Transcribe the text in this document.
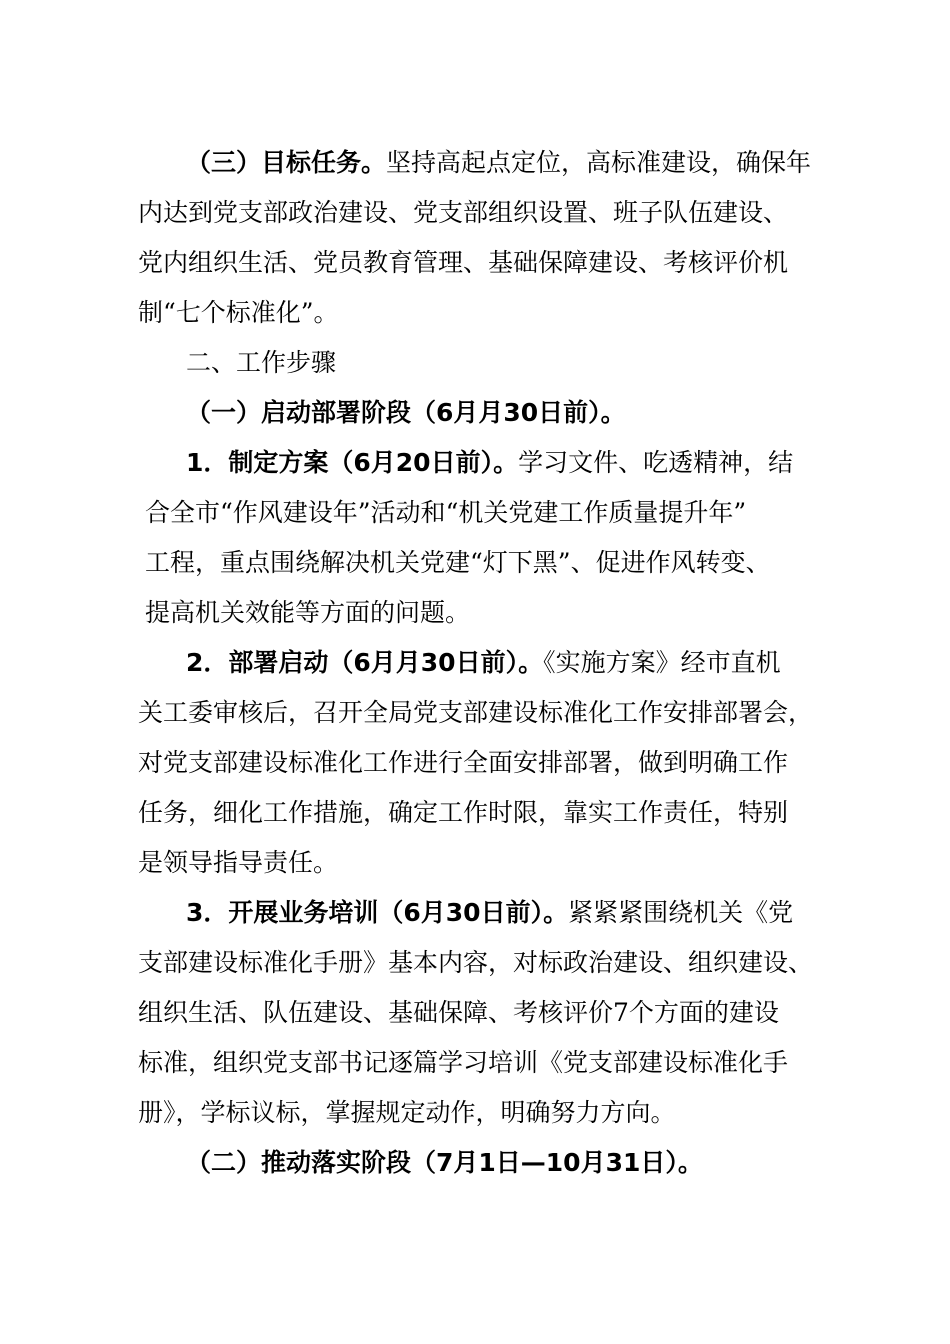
（三）目标任务。坚持高起点定位，高标准建设，确保年
内达到党支部政治建设、党支部组织设置、班子队伍建设、
党内组织生活、党员教育管理、基础保障建设、考核评价机
制“七个标准化”。
二、工作步骤
（一）启动部署阶段（6月月30日前）。
1．制定方案（6月20日前）。学习文件、吃透精神，结
合全市“作风建设年”活动和“机关党建工作质量提升年”
工程，重点围绕解决机关党建“灯下黑”、促进作风转变、
提高机关效能等方面的问题。
2．部署启动（6月月30日前）。《实施方案》经市直机
关工委审核后，召开全局党支部建设标准化工作安排部署会，
对党支部建设标准化工作进行全面安排部署，做到明确工作
任务，细化工作措施，确定工作时限，靠实工作责任，特别
是领导指导责任。
3．开展业务培训（6月30日前）。紧紧紧围绕机关《党
支部建设标准化手册》基本内容，对标政治建设、组织建设、
组织生活、队伍建设、基础保障、考核评价7个方面的建设
标准，组织党支部书记逐篇学习培训《党支部建设标准化手
册》，学标议标，掌握规定动作，明确努力方向。
（二）推动落实阶段（7月1日—10月31日）。
